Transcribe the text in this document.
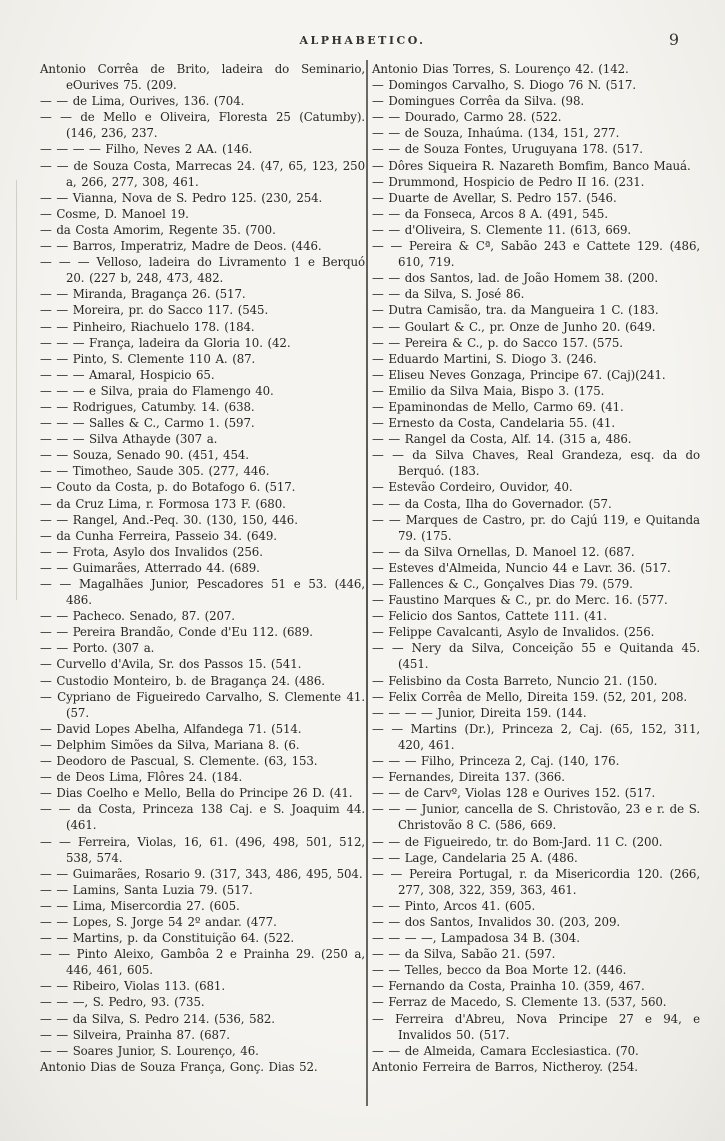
ALPHABETICO.	9

Antonio Corrêa de Brito, ladeira do Seminario, eOurives 75. (209.

— — de Lima, Ourives, 136. (704.

— — de Mello e Oliveira, Floresta 25 (Catumby). (146, 236, 237.

— — — — Filho, Neves 2 AA. (146.

— — de Souza Costa, Marrecas 24. (47, 65, 123, 250 a, 266, 277, 308, 461.

— — Vianna, Nova de S. Pedro 125. (230, 254.

— Cosme, D. Manoel 19.

— da Costa Amorim, Regente 35. (700.

— — Barros, Imperatriz, Madre de Deos. (446.

— — — Velloso, ladeira do Livramento 1 e Berquó 20. (227 b, 248, 473, 482.

— — Miranda, Bragança 26. (517.

— — Moreira, pr. do Sacco 117. (545.

— — Pinheiro, Riachuelo 178. (184.

— — — França, ladeira da Gloria 10. (42.

— — Pinto, S. Clemente 110 A. (87.

— — — Amaral, Hospicio 65.

— — — e Silva, praia do Flamengo 40.

— — Rodrigues, Catumby. 14. (638.

— — — Salles & C., Carmo 1. (597.

— — — Silva Athayde (307 a.

— — Souza, Senado 90. (451, 454.

— — Timotheo, Saude 305. (277, 446.

— Couto da Costa, p. do Botafogo 6. (517.

— da Cruz Lima, r. Formosa 173 F. (680.

— — Rangel, And.-Peq. 30. (130, 150, 446.

— da Cunha Ferreira, Passeio 34. (649.

— — Frota, Asylo dos Invalidos (256.

— — Guimarães, Atterrado 44. (689.

— — Magalhães Junior, Pescadores 51 e 53. (446, 486.

— — Pacheco. Senado, 87. (207.

— — Pereira Brandão, Conde d'Eu 112. (689.

— — Porto. (307 a.

— Curvello d'Avila, Sr. dos Passos 15. (541.

— Custodio Monteiro, b. de Bragança 24. (486.

— Cypriano de Figueiredo Carvalho, S. Clemente 41. (57.

— David Lopes Abelha, Alfandega 71. (514.

— Delphim Simões da Silva, Mariana 8. (6.

— Deodoro de Pascual, S. Clemente. (63, 153.

— de Deos Lima, Flôres 24. (184.

— Dias Coelho e Mello, Bella do Principe 26 D. (41.

— — da Costa, Princeza 138 Caj. e S. Joaquim 44. (461.

— — Ferreira, Violas, 16, 61. (496, 498, 501, 512, 538, 574.

— — Guimarães, Rosario 9. (317, 343, 486, 495, 504.

— — Lamins, Santa Luzia 79. (517.

— — Lima, Misercordia 27. (605.

— — Lopes, S. Jorge 54 2º andar. (477.

— — Martins, p. da Constituição 64. (522.

— — Pinto Aleixo, Gambôa 2 e Prainha 29. (250 a, 446, 461, 605.

— — Ribeiro, Violas 113. (681.

— — —, S. Pedro, 93. (735.

— — da Silva, S. Pedro 214. (536, 582.

— — Silveira, Prainha 87. (687.

— — Soares Junior, S. Lourenço, 46.

Antonio Dias de Souza França, Gonç. Dias 52.

Antonio Dias Torres, S. Lourenço 42. (142.

— Domingos Carvalho, S. Diogo 76 N. (517.

— Domingues Corrêa da Silva. (98.

— — Dourado, Carmo 28. (522.

— — de Souza, Inhaúma. (134, 151, 277.

— — de Souza Fontes, Uruguyana 178. (517.

— Dôres Siqueira R. Nazareth Bomfim, Banco Mauá.

— Drummond, Hospicio de Pedro II 16. (231.

— Duarte de Avellar, S. Pedro 157. (546.

— — da Fonseca, Arcos 8 A. (491, 545.

— — d'Oliveira, S. Clemente 11. (613, 669.

— — Pereira & Cª, Sabão 243 e Cattete 129. (486, 610, 719.

— — dos Santos, lad. de João Homem 38. (200.

— — da Silva, S. José 86.

— Dutra Camisão, tra. da Mangueira 1 C. (183.

— — Goulart & C., pr. Onze de Junho 20. (649.

— — Pereira & C., p. do Sacco 157. (575.

— Eduardo Martini, S. Diogo 3. (246.

— Eliseu Neves Gonzaga, Principe 67. (Caj)(241.

— Emilio da Silva Maia, Bispo 3. (175.

— Epaminondas de Mello, Carmo 69. (41.

— Ernesto da Costa, Candelaria 55. (41.

— — Rangel da Costa, Alf. 14. (315 a, 486.

— — da Silva Chaves, Real Grandeza, esq. da do Berquó. (183.

— Estevão Cordeiro, Ouvidor, 40.

— — da Costa, Ilha do Governador. (57.

— — Marques de Castro, pr. do Cajú 119, e Quitanda 79. (175.

— — da Silva Ornellas, D. Manoel 12. (687.

— Esteves d'Almeida, Nuncio 44 e Lavr. 36. (517.

— Fallences & C., Gonçalves Dias 79. (579.

— Faustino Marques & C., pr. do Merc. 16. (577.

— Felicio dos Santos, Cattete 111. (41.

— Felippe Cavalcanti, Asylo de Invalidos. (256.

— — Nery da Silva, Conceição 55 e Quitanda 45. (451.

— Felisbino da Costa Barreto, Nuncio 21. (150.

— Felix Corrêa de Mello, Direita 159. (52, 201, 208.

— — — — Junior, Direita 159. (144.

— — Martins (Dr.), Princeza 2, Caj. (65, 152, 311, 420, 461.

— — — Filho, Princeza 2, Caj. (140, 176.

— Fernandes, Direita 137. (366.

— — de Carvº, Violas 128 e Ourives 152. (517.

— — — Junior, cancella de S. Christovão, 23 e r. de S. Christovão 8 C. (586, 669.

— — de Figueiredo, tr. do Bom-Jard. 11 C. (200.

— — Lage, Candelaria 25 A. (486.

— — Pereira Portugal, r. da Misericordia 120. (266, 277, 308, 322, 359, 363, 461.

— — Pinto, Arcos 41. (605.

— — dos Santos, Invalidos 30. (203, 209.

— — — —, Lampadosa 34 B. (304.

— — da Silva, Sabão 21. (597.

— — Telles, becco da Boa Morte 12. (446.

— Fernando da Costa, Prainha 10. (359, 467.

— Ferraz de Macedo, S. Clemente 13. (537, 560.

— Ferreira d'Abreu, Nova Principe 27 e 94, e Invalidos 50. (517.

— — de Almeida, Camara Ecclesiastica. (70.

Antonio Ferreira de Barros, Nictheroy. (254.
